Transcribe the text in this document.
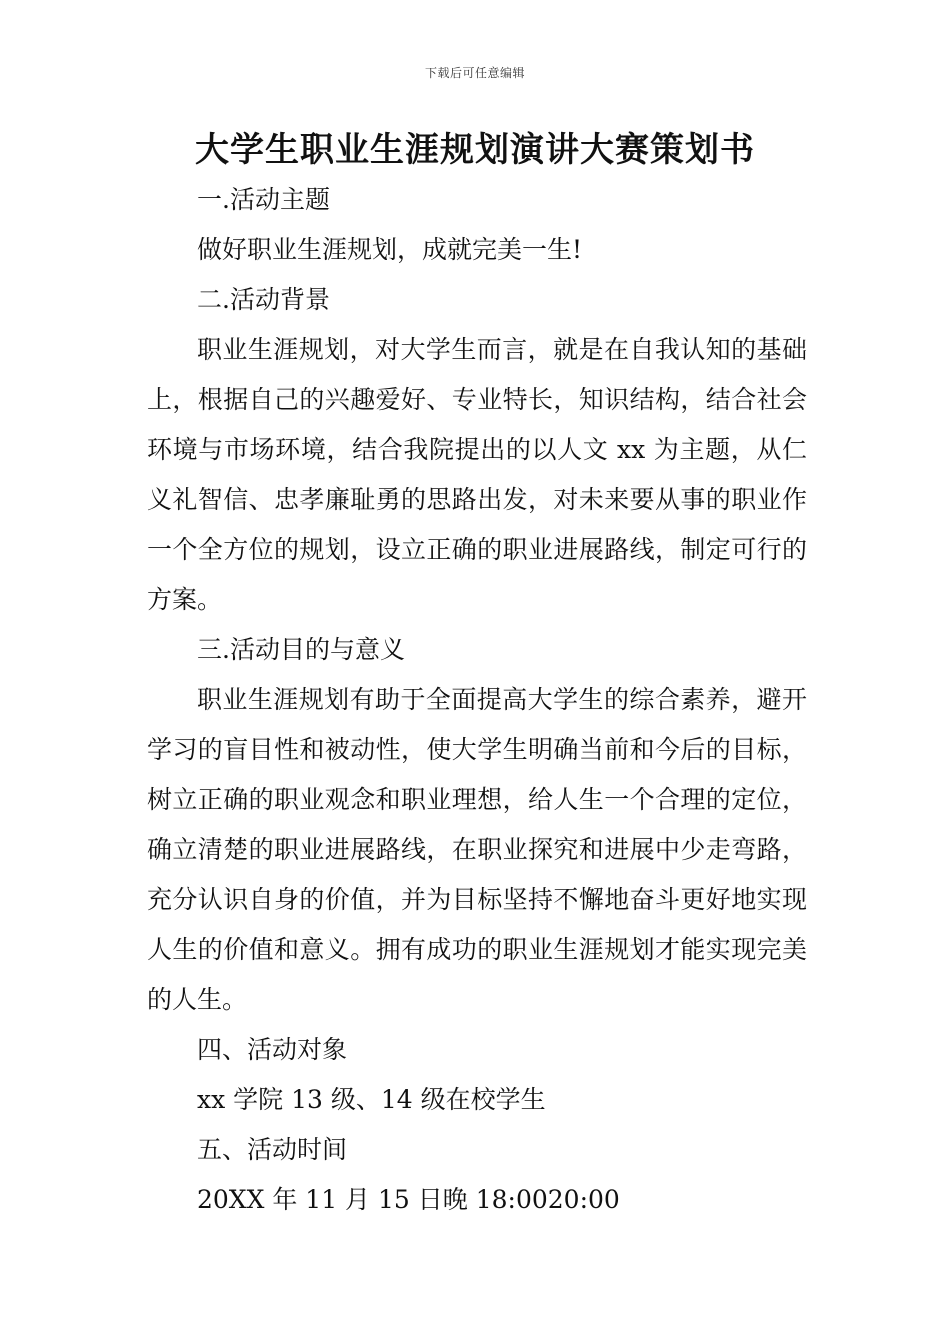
下载后可任意编辑
大学生职业生涯规划演讲大赛策划书

一.活动主题

做好职业生涯规划，成就完美一生!

二.活动背景

职业生涯规划，对大学生而言，就是在自我认知的基础上，根据自己的兴趣爱好、专业特长，知识结构，结合社会环境与市场环境，结合我院提出的以人文 xx 为主题，从仁义礼智信、忠孝廉耻勇的思路出发，对未来要从事的职业作一个全方位的规划，设立正确的职业进展路线，制定可行的方案。

三.活动目的与意义

职业生涯规划有助于全面提高大学生的综合素养，避开学习的盲目性和被动性，使大学生明确当前和今后的目标，树立正确的职业观念和职业理想，给人生一个合理的定位，确立清楚的职业进展路线，在职业探究和进展中少走弯路，充分认识自身的价值，并为目标坚持不懈地奋斗更好地实现人生的价值和意义。拥有成功的职业生涯规划才能实现完美的人生。

四、活动对象

xx 学院 13 级、14 级在校学生

五、活动时间

20XX 年 11 月 15 日晚 18:0020:00
